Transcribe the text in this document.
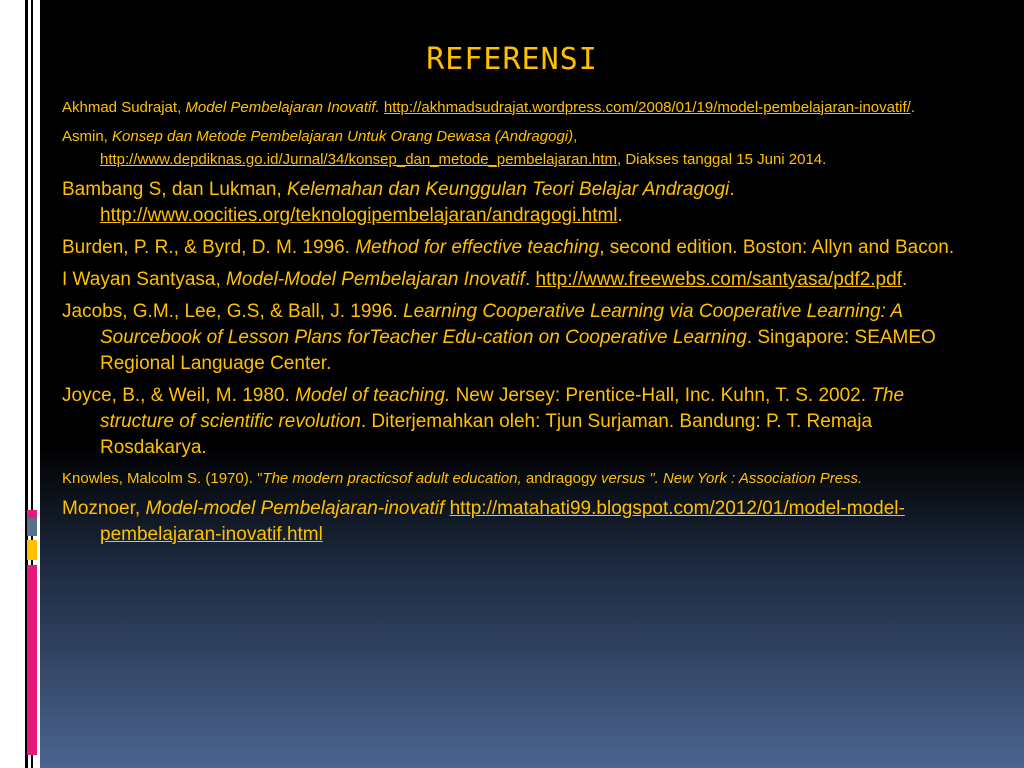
REFERENSI

Akhmad Sudrajat, Model Pembelajaran Inovatif. http://akhmadsudrajat.wordpress.com/2008/01/19/model-pembelajaran-inovatif/.

Asmin, Konsep dan Metode Pembelajaran Untuk Orang Dewasa (Andragogi), http://www.depdiknas.go.id/Jurnal/34/konsep_dan_metode_pembelajaran.htm, Diakses tanggal 15 Juni 2014.

Bambang S, dan Lukman, Kelemahan dan Keunggulan Teori Belajar Andragogi. http://www.oocities.org/teknologipembelajaran/andragogi.html.

Burden, P. R., & Byrd, D. M. 1996. Method for effective teaching, second edition. Boston: Allyn and Bacon.

I Wayan Santyasa, Model-Model Pembelajaran Inovatif. http://www.freewebs.com/santyasa/pdf2.pdf.

Jacobs, G.M., Lee, G.S, & Ball, J. 1996. Learning Cooperative Learning via Cooperative Learning: A Sourcebook of Lesson Plans forTeacher Edu-cation on Cooperative Learning. Singapore: SEAMEO Regional Language Center.

Joyce, B., & Weil, M. 1980. Model of teaching. New Jersey: Prentice-Hall, Inc. Kuhn, T. S. 2002. The structure of scientific revolution. Diterjemahkan oleh: Tjun Surjaman. Bandung: P. T. Remaja Rosdakarya.

Knowles, Malcolm S. (1970). "The modern practicsof adult education, andragogy versus ". New York : Association Press.

Moznoer, Model-model Pembelajaran-inovatif http://matahati99.blogspot.com/2012/01/model-model-pembelajaran-inovatif.html
